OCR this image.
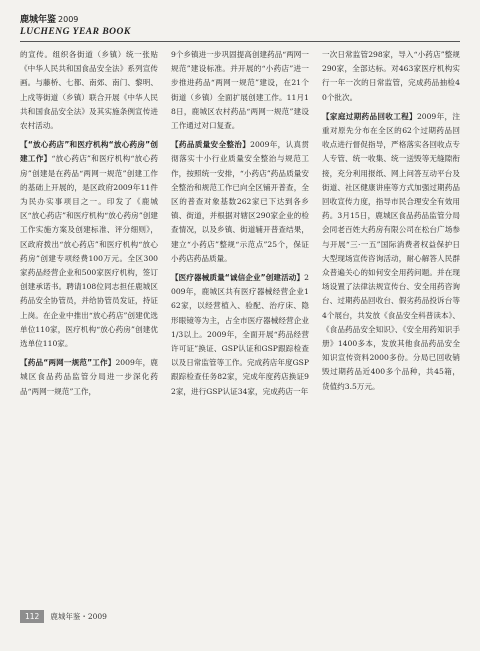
鹿城年鉴 2009
LUCHENG YEAR BOOK

的宣传。组织各街道（乡镇）统一张贴《中华人民共和国食品安全法》系列宣传画。与藤桥、七都、南郊、南门、黎明、上戍等街道（乡镇）联合开展《中华人民共和国食品安全法》及其实施条例宣传进农村活动。

【“放心药店”和医疗机构“放心药房”创建工作】“放心药店”和医疗机构“放心药房”创建是在药品“两网一规范”创建工作的基础上开展的，是区政府2009年11件为民办实事项目之一。印发了《鹿城区“放心药店”和医疗机构“放心药房”创建工作实施方案及创建标准、评分细则》，区政府拨出“放心药店”和医疗机构“放心药房”创建专项经费100万元。全区300家药品经营企业和500家医疗机构，签订创建承诺书。聘请108位同志担任鹿城区药品安全协管员，并给协管员发证，持证上岗。在企业中推出“放心药店”创建优选单位110家，医疗机构“放心药房”创建优选单位110家。

【药品“两网一规范”工作】2009年，鹿城区食品药品监管分局进一步深化药品“两网一规范”工作，

9个乡镇进一步巩固提高创建药品“两网一规范”建设标准。并开展的“小药店”进一步推进药品“两网一规范”建设，在21个街道（乡镇）全面扩展创建工作。11月18日，鹿城区农村药品“两网一规范”建设工作通过对口复查。

【药品质量安全整治】2009年，认真贯彻落实十小行业质量安全整治与规范工作，按照统一安排，“小药店”药品质量安全整治和规范工作已向全区铺开普查，全区的普查对象基数262家已下达到各乡镇、街道，并根据对辖区290家企业的检查情况，以及乡镇、街道辅开普查结果，建立“小药店”整规“示范点”25个，保证小药店药品质量。

【医疗器械质量“诚信企业”创建活动】2009年，鹿城区共有医疗器械经营企业162家，以经营植入、验配、治疗床、隐形眼镜等为主，占全市医疗器械经营企业1/3以上。2009年，全面开展“药品经营许可证”换证、GSP认证和GSP跟踪检查以及日常监管等工作。完成药店年度GSP跟踪检查任务82家，完成年度药店换证92家，进行GSP认证34家，完成药店一年

一次日常监管298家，导入“小药店”整规290家，全部达标。对463家医疗机构实行一年一次的日常监管，完成药品抽检40个批次。

【家庭过期药品回收工程】2009年，注重对原先分布在全区的62个过期药品回收点进行督促指导，严格落实各回收点专人专管、统一收集、统一送毁等无缝隙衔接，充分利用报纸、网上问答互动平台及街道、社区健康讲座等方式加强过期药品回收宣传力度，指导市民合理安全有效用药。3月15日，鹿城区食品药品监管分局会同老百姓大药房有限公司在松台广场参与开展“三·一五”国际消费者权益保护日大型现场宣传咨询活动，耐心解答人民群众普遍关心的如何安全用药问题。并在现场设置了法律法规宣传台、安全用药咨询台、过期药品回收台、假劣药品投诉台等4个展台，共发放《食品安全科普读本》、《食品药品安全知识》、《安全用药知识手册》1400多本，发放其他食品药品安全知识宣传资料2000多份。分局已回收销毁过期药品近400多个品种，共45箱，货值约3.5万元。

112 鹿城年鉴・2009
